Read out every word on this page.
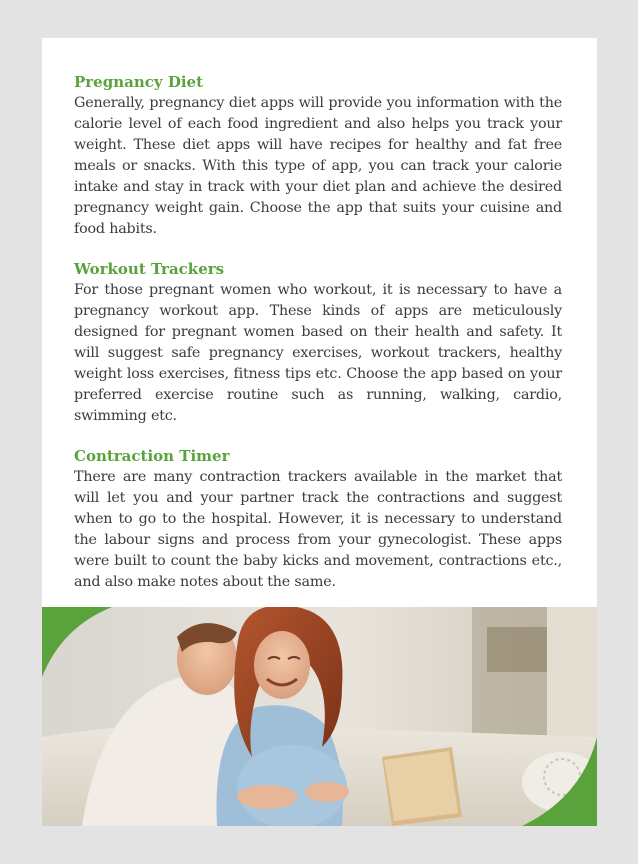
Pregnancy Diet

Generally, pregnancy diet apps will provide you information with the calorie level of each food ingredient and also helps you track your weight. These diet apps will have recipes for healthy and fat free meals or snacks. With this type of app, you can track your calorie intake and stay in track with your diet plan and achieve the desired pregnancy weight gain. Choose the app that suits your cuisine and food habits.

Workout Trackers

For those pregnant women who workout, it is necessary to have a pregnancy workout app. These kinds of apps are meticulously designed for pregnant women based on their health and safety. It will suggest safe pregnancy exercises, workout trackers, healthy weight loss exercises, fitness tips etc. Choose the app based on your preferred exercise routine such as running, walking, cardio, swimming etc.

Contraction Timer

There are many contraction trackers available in the market that will let you and your partner track the contractions and suggest when to go to the hospital. However, it is necessary to understand the labour signs and process from your gynecologist. These apps were built to count the baby kicks and movement, contractions etc., and also make notes about the same.
